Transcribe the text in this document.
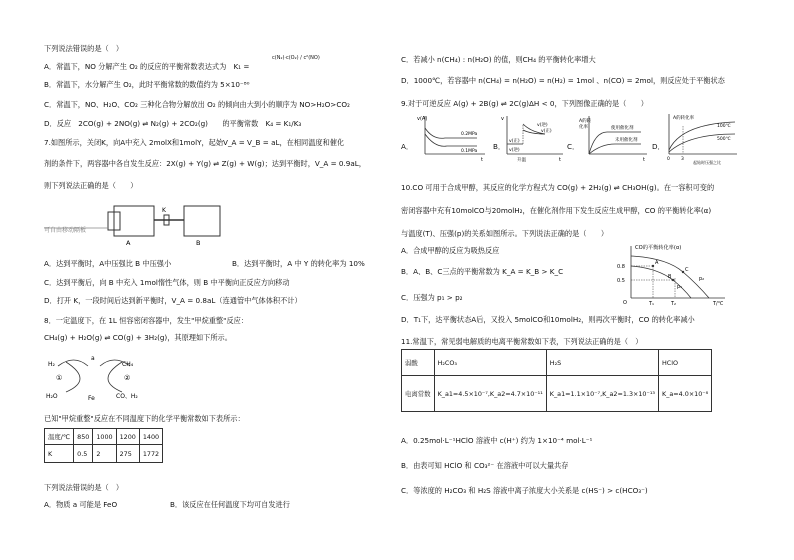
下列说法错误的是（　）
A．常温下，NO 分解产生 O₂ 的反应的平衡常数表达式为　K₁ =
c(N₂)·c(O₂) / c²(NO)
B．常温下，水分解产生 O₂，此时平衡常数的数值约为 5×10⁻⁸⁰
C．常温下，NO、H₂O、CO₂ 三种化合物分解放出 O₂ 的倾向由大到小的顺序为 NO>H₂O>CO₂
D．反应　2CO(g) + 2NO(g) ⇌ N₂(g) + 2CO₂(g)　　的平衡常数　K₄ = K₁/K₃
7.如图所示，关闭K，向A中充入 2molX和1molY，起始V_A = V_B = aL，在相同温度和催化
剂的条件下，两容器中各自发生反应：2X(g) + Y(g) ⇌ Z(g) + W(g)；达到平衡时，V_A = 0.9aL，
则下列说法正确的是（　　）
可自由移动隔板
K
A	B
A．达到平衡时，A中压强比 B 中压强小	B．达到平衡时，A 中 Y 的转化率为 10%
C．达到平衡后，向 B 中充入 1mol惰性气体，则 B 中平衡向正反应方向移动
D．打开 K，一段时间后达到新平衡时，V_A = 0.8aL（连通管中气体体积不计）
8．一定温度下，在 1L 恒容密闭容器中，发生"甲烷重整"反应：
CH₄(g) + H₂O(g) ⇌ CO(g) + 3H₂(g)，其原理如下所示。
H₂	CH₄
a
①	②
H₂O	Fe	CO、H₂
已知"甲烷重整"反应在不同温度下的化学平衡常数如下表所示：
温度/℃	850	1000	1200	1400
K	0.5	2	275	1772
下列说法错误的是（　）
A．物质 a 可能是 FeO	B．该反应在任何温度下均可自发进行
C．若减小 n(CH₄) : n(H₂O) 的值，则CH₄ 的平衡转化率增大
D．1000℃，若容器中 n(CH₄) = n(H₂O) = n(H₂) = 1mol 、n(CO) = 2mol，则反应处于平衡状态
9.对于可逆反应 A(g) + 2B(g) ⇌ 2C(g)ΔH < 0，下列图像正确的是（　　）
A．	B．	C．	D．
v(A)
0.2MPa
0.1MPa
t
v
v(逆)
v(正)
v(正)
v(逆)
升温	t
A的转
化率	使用催化剂
未用催化剂
t
A的转化率
100℃
500℃
0 3
起始时压强之比
10.CO 可用于合成甲醇，其反应的化学方程式为 CO(g) + 2H₂(g) ⇌ CH₃OH(g)。在一容积可变的
密闭容器中充有10molCO与20molH₂，在催化剂作用下发生反应生成甲醇，CO 的平衡转化率(α)
与温度(T)、压强(p)的关系如图所示。下列说法正确的是（　　）
A．合成甲醇的反应为吸热反应
B．A、B、C三点的平衡常数为 K_A = K_B > K_C
C．压强为 p₁ > p₂
D．T₁下，达平衡状态A后，又投入 5molCO和10molH₂，则再次平衡时，CO 的转化率减小
CO的平衡转化率(α)
0.8
0.5
O
A
B
C
p₁
p₂
T₁	T₂	T/℃
11.常温下，常见弱电解质的电离平衡常数如下表，下列说法正确的是（　）
弱酸	H₂CO₃	H₂S	HClO
电离常数	K_a1=4.5×10⁻⁷,K_a2=4.7×10⁻¹¹	K_a1=1.1×10⁻⁷,K_a2=1.3×10⁻¹³	K_a=4.0×10⁻⁸
A．0.25mol·L⁻¹HClO 溶液中 c(H⁺) 约为 1×10⁻⁴ mol·L⁻¹
B．由表可知 HClO 和 CO₃²⁻ 在溶液中可以大量共存
C．等浓度的 H₂CO₃ 和 H₂S 溶液中离子浓度大小关系是 c(HS⁻) > c(HCO₃⁻)
